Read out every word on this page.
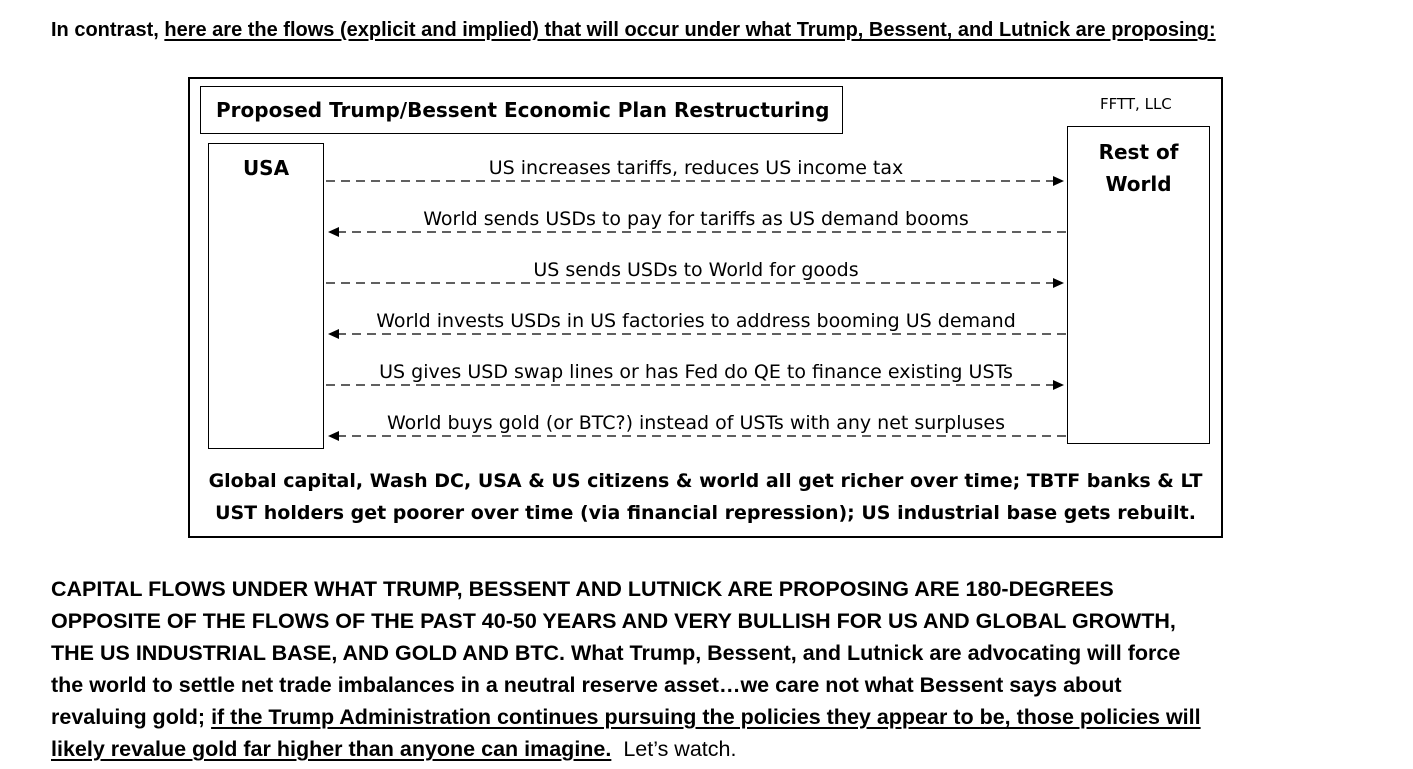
In contrast, here are the flows (explicit and implied) that will occur under what Trump, Bessent, and Lutnick are proposing:
Proposed Trump/Bessent Economic Plan Restructuring	FFTT, LLC
USA
Rest of
World
US increases tariffs, reduces US income tax
World sends USDs to pay for tariffs as US demand booms
US sends USDs to World for goods
World invests USDs in US factories to address booming US demand
US gives USD swap lines or has Fed do QE to finance existing USTs
World buys gold (or BTC?) instead of USTs with any net surpluses
Global capital, Wash DC, USA & US citizens & world all get richer over time; TBTF banks & LT
UST holders get poorer over time (via financial repression); US industrial base gets rebuilt.
CAPITAL FLOWS UNDER WHAT TRUMP, BESSENT AND LUTNICK ARE PROPOSING ARE 180-DEGREES
OPPOSITE OF THE FLOWS OF THE PAST 40-50 YEARS AND VERY BULLISH FOR US AND GLOBAL GROWTH,
THE US INDUSTRIAL BASE, AND GOLD AND BTC. What Trump, Bessent, and Lutnick are advocating will force
the world to settle net trade imbalances in a neutral reserve asset…we care not what Bessent says about
revaluing gold; if the Trump Administration continues pursuing the policies they appear to be, those policies will
likely revalue gold far higher than anyone can imagine. Let’s watch.
